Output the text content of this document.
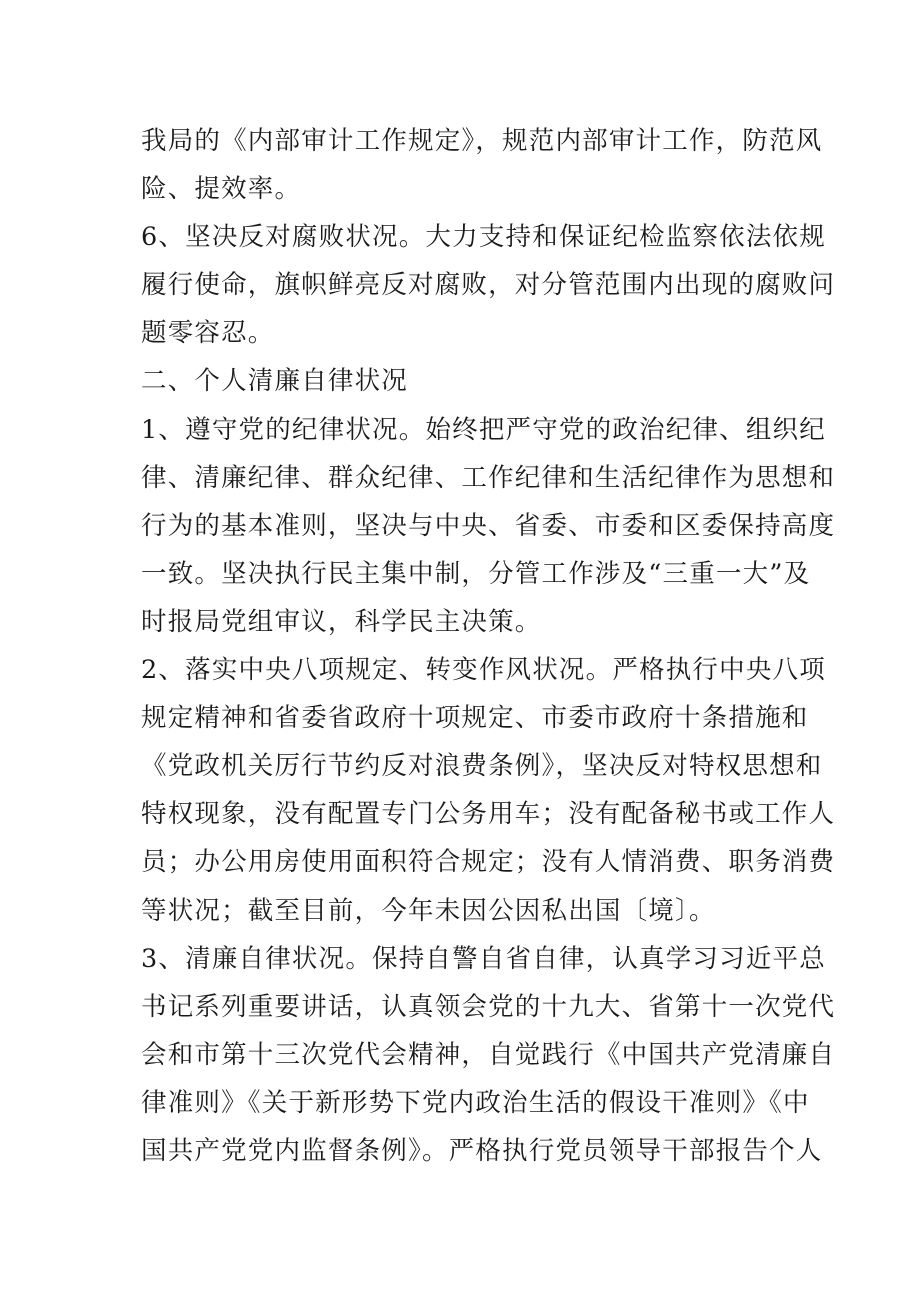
我局的《内部审计工作规定》，规范内部审计工作，防范风
险、提效率。
6、坚决反对腐败状况。大力支持和保证纪检监察依法依规
履行使命，旗帜鲜亮反对腐败，对分管范围内出现的腐败问
题零容忍。
二、个人清廉自律状况
1、遵守党的纪律状况。始终把严守党的政治纪律、组织纪
律、清廉纪律、群众纪律、工作纪律和生活纪律作为思想和
行为的基本准则，坚决与中央、省委、市委和区委保持高度
一致。坚决执行民主集中制，分管工作涉及“三重一大”及
时报局党组审议，科学民主决策。
2、落实中央八项规定、转变作风状况。严格执行中央八项
规定精神和省委省政府十项规定、市委市政府十条措施和
《党政机关厉行节约反对浪费条例》，坚决反对特权思想和
特权现象，没有配置专门公务用车；没有配备秘书或工作人
员；办公用房使用面积符合规定；没有人情消费、职务消费
等状况；截至目前，今年未因公因私出国〔境〕。
3、清廉自律状况。保持自警自省自律，认真学习习近平总
书记系列重要讲话，认真领会党的十九大、省第十一次党代
会和市第十三次党代会精神，自觉践行《中国共产党清廉自
律准则》《关于新形势下党内政治生活的假设干准则》《中
国共产党党内监督条例》。严格执行党员领导干部报告个人
